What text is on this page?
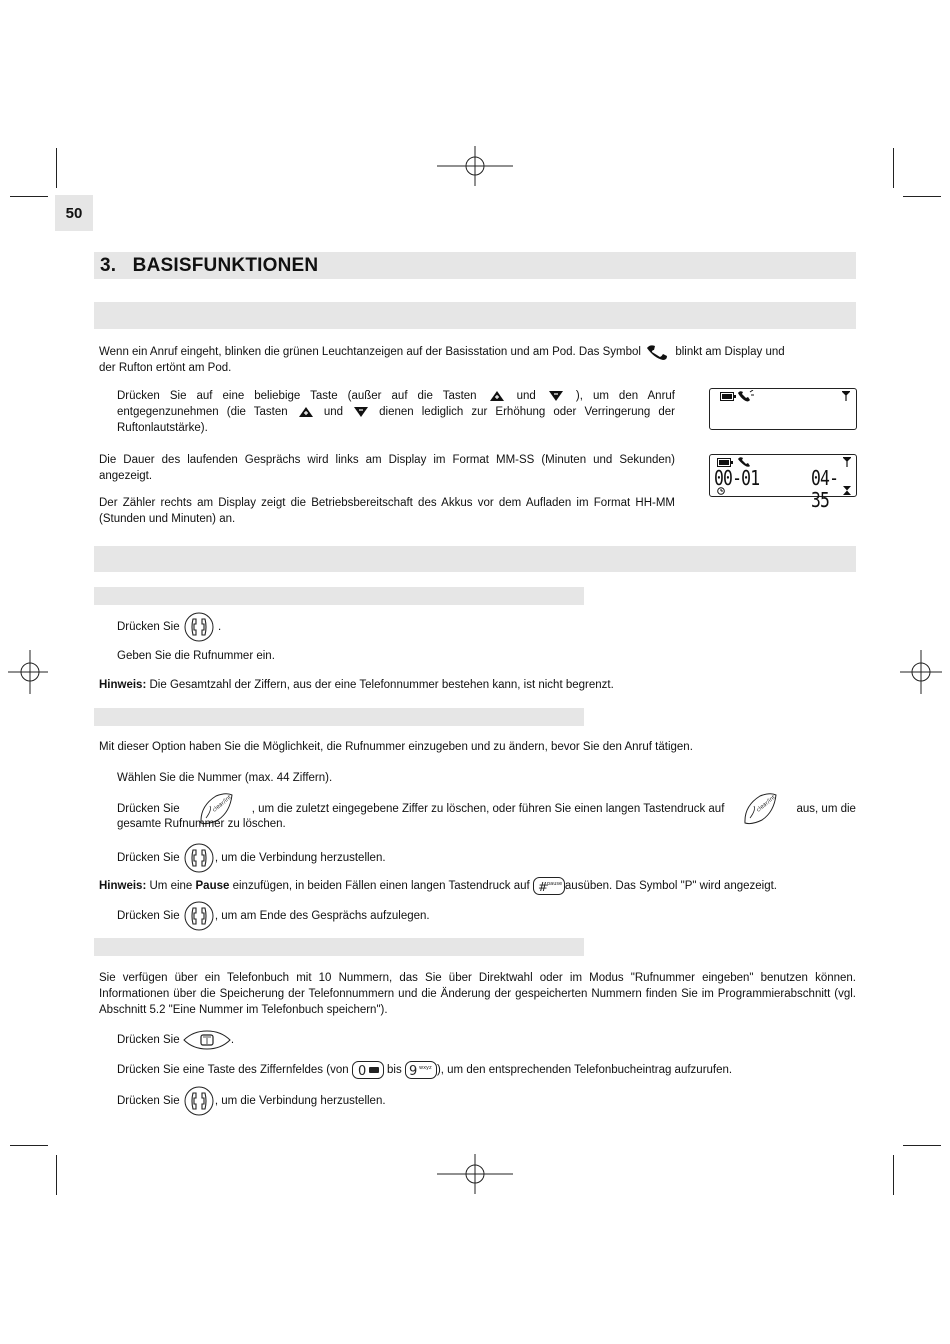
50
3.   BASISFUNKTIONEN
Wenn ein Anruf eingeht, blinken die grünen Leuchtanzeigen auf der Basisstation und am Pod. Das Symbol	blinkt am Display und
der Rufton ertönt am Pod.
Drücken Sie auf eine beliebige Taste (außer auf die Tasten	und	), um den Anruf
entgegenzunehmen (die Tasten	und	dienen lediglich zur Erhöhung oder Verringerung der
Ruftonlautstärke).
Die Dauer des laufenden Gesprächs wird links am Display im Format MM-SS (Minuten und Sekunden) angezeigt.
Der Zähler rechts am Display zeigt die Betriebsbereitschaft des Akkus vor dem Aufladen im Format HH-MM (Stunden und Minuten) an.
00-01	04-35
Drücken Sie	.
Geben Sie die Rufnummer ein.
Hinweis: Die Gesamtzahl der Ziffern, aus der eine Telefonnummer bestehen kann, ist nicht begrenzt.
Mit dieser Option haben Sie die Möglichkeit, die Rufnummer einzugeben und zu ändern, bevor Sie den Anruf tätigen.
Wählen Sie die Nummer (max. 44 Ziffern).
Drücken Sie	clear/int , um die zuletzt eingegebene Ziffer zu löschen, oder führen Sie einen langen Tastendruck auf	clear/int aus, um die
gesamte Rufnummer zu löschen.
Drücken Sie	, um die Verbindung herzustellen.
Hinweis: Um eine Pause einzufügen, in beiden Fällen einen langen Tastendruck auf #
pause ausüben. Das Symbol "P" wird angezeigt.
Drücken Sie	, um am Ende des Gesprächs aufzulegen.
Sie verfügen über ein Telefonbuch mit 10 Nummern, das Sie über Direktwahl oder im Modus "Rufnummer eingeben" benutzen können. Informationen über die Speicherung der Telefonnummern und die Änderung der gespeicherten Nummern finden Sie im Programmierabschnitt (vgl. Abschnitt 5.2 "Eine Nummer im Telefonbuch speichern").
Drücken Sie	.
Drücken Sie eine Taste des Ziffernfeldes (von 0 bis 9 wxyz ), um den entsprechenden Telefonbucheintrag aufzurufen.
Drücken Sie	, um die Verbindung herzustellen.
